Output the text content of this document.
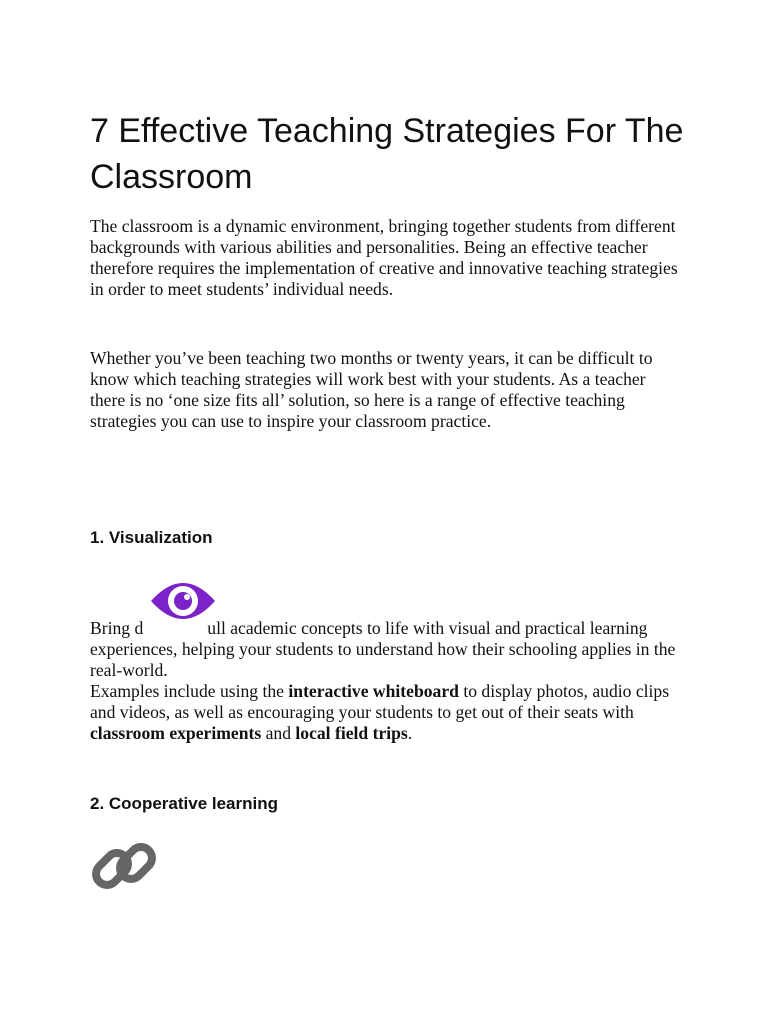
7 Effective Teaching Strategies For The Classroom

The classroom is a dynamic environment, bringing together students from different backgrounds with various abilities and personalities. Being an effective teacher therefore requires the implementation of creative and innovative teaching strategies in order to meet students’ individual needs.

Whether you’ve been teaching two months or twenty years, it can be difficult to know which teaching strategies will work best with your students. As a teacher there is no ‘one size fits all’ solution, so here is a range of effective teaching strategies you can use to inspire your classroom practice.

1. Visualization

Bring d	ull academic concepts to life with visual and practical learning experiences, helping your students to understand how their schooling applies in the real-world.

Examples include using the interactive whiteboard to display photos, audio clips and videos, as well as encouraging your students to get out of their seats with classroom experiments and local field trips.

2. Cooperative learning
